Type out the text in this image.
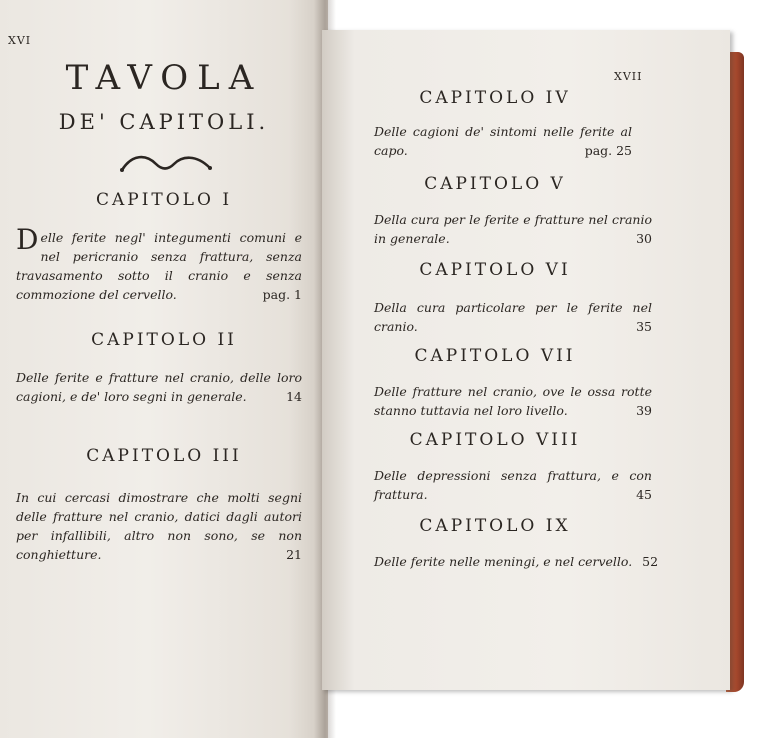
XVI
TAVOLA
DE' CAPITOLI.
CAPITOLO I
Delle ferite negl' integumenti comuni e nel pericranio senza frattura, senza travasamento sotto il cranio e senza commozione del cervello.	pag. 1
CAPITOLO II
Delle ferite e fratture nel cranio, delle loro cagioni, e de' loro segni in generale.	14
CAPITOLO III
In cui cercasi dimostrare che molti segni delle fratture nel cranio, datici dagli autori per infallibili, altro non sono, se non conghietture.	21
XVII
CAPITOLO IV
Delle cagioni de' sintomi nelle ferite al capo.	pag. 25
CAPITOLO V
Della cura per le ferite e fratture nel cranio in generale.	30
CAPITOLO VI
Della cura particolare per le ferite nel cranio.	35
CAPITOLO VII
Delle fratture nel cranio, ove le ossa rotte stanno tuttavia nel loro livello.	39
CAPITOLO VIII
Delle depressioni senza frattura, e con frattura.	45
CAPITOLO IX
Delle ferite nelle meningi, e nel cervello. 52
